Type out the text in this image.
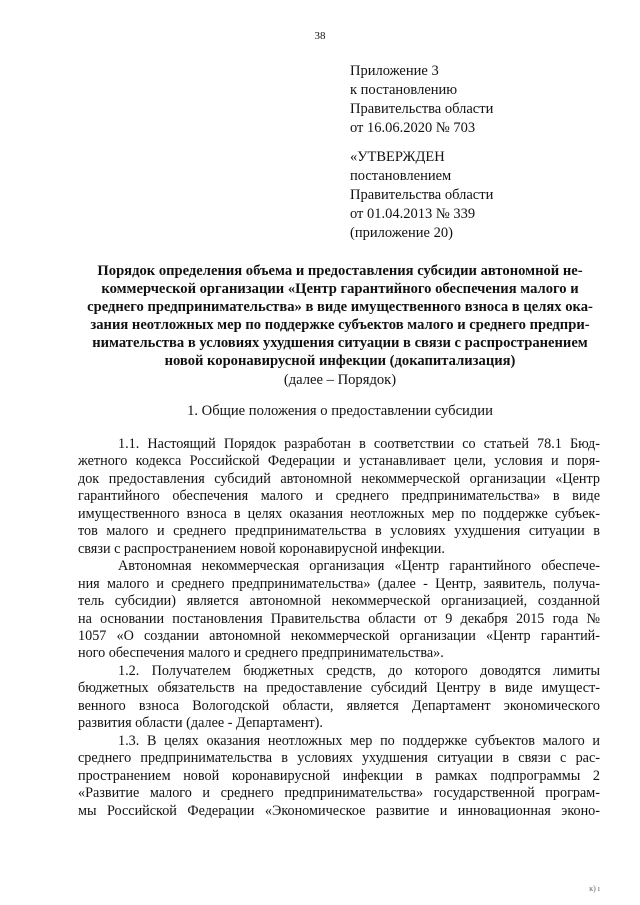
38
Приложение 3
к постановлению
Правительства области
от 16.06.2020 № 703
«УТВЕРЖДЕН
постановлением
Правительства области
от 01.04.2013 № 339
(приложение 20)
Порядок определения объема и предоставления субсидии автономной не-
коммерческой организации «Центр гарантийного обеспечения малого и
среднего предпринимательства» в виде имущественного взноса в целях ока-
зания неотложных мер по поддержке субъектов малого и среднего предпри-
нимательства в условиях ухудшения ситуации в связи с распространением
новой коронавирусной инфекции (докапитализация)
(далее – Порядок)
1. Общие положения о предоставлении субсидии
1.1. Настоящий Порядок разработан в соответствии со статьей 78.1 Бюд-
жетного кодекса Российской Федерации и устанавливает цели, условия и поря-
док предоставления субсидий автономной некоммерческой организации «Центр
гарантийного обеспечения малого и среднего предпринимательства» в виде
имущественного взноса в целях оказания неотложных мер по поддержке субъек-
тов малого и среднего предпринимательства в условиях ухудшения ситуации в
связи с распространением новой коронавирусной инфекции.
Автономная некоммерческая организация «Центр гарантийного обеспече-
ния малого и среднего предпринимательства» (далее - Центр, заявитель, получа-
тель субсидии) является автономной некоммерческой организацией, созданной
на основании постановления Правительства области от 9 декабря 2015 года №
1057 «О создании автономной некоммерческой организации «Центр гарантий-
ного обеспечения малого и среднего предпринимательства».
1.2. Получателем бюджетных средств, до которого доводятся лимиты
бюджетных обязательств на предоставление субсидий Центру в виде имущест-
венного взноса Вологодской области, является Департамент экономического
развития области (далее - Департамент).
1.3. В целях оказания неотложных мер по поддержке субъектов малого и
среднего предпринимательства в условиях ухудшения ситуации в связи с рас-
пространением новой коронавирусной инфекции в рамках подпрограммы 2
«Развитие малого и среднего предпринимательства» государственной програм-
мы Российской Федерации «Экономическое развитие и инновационная эконо-
ĸ) ı
